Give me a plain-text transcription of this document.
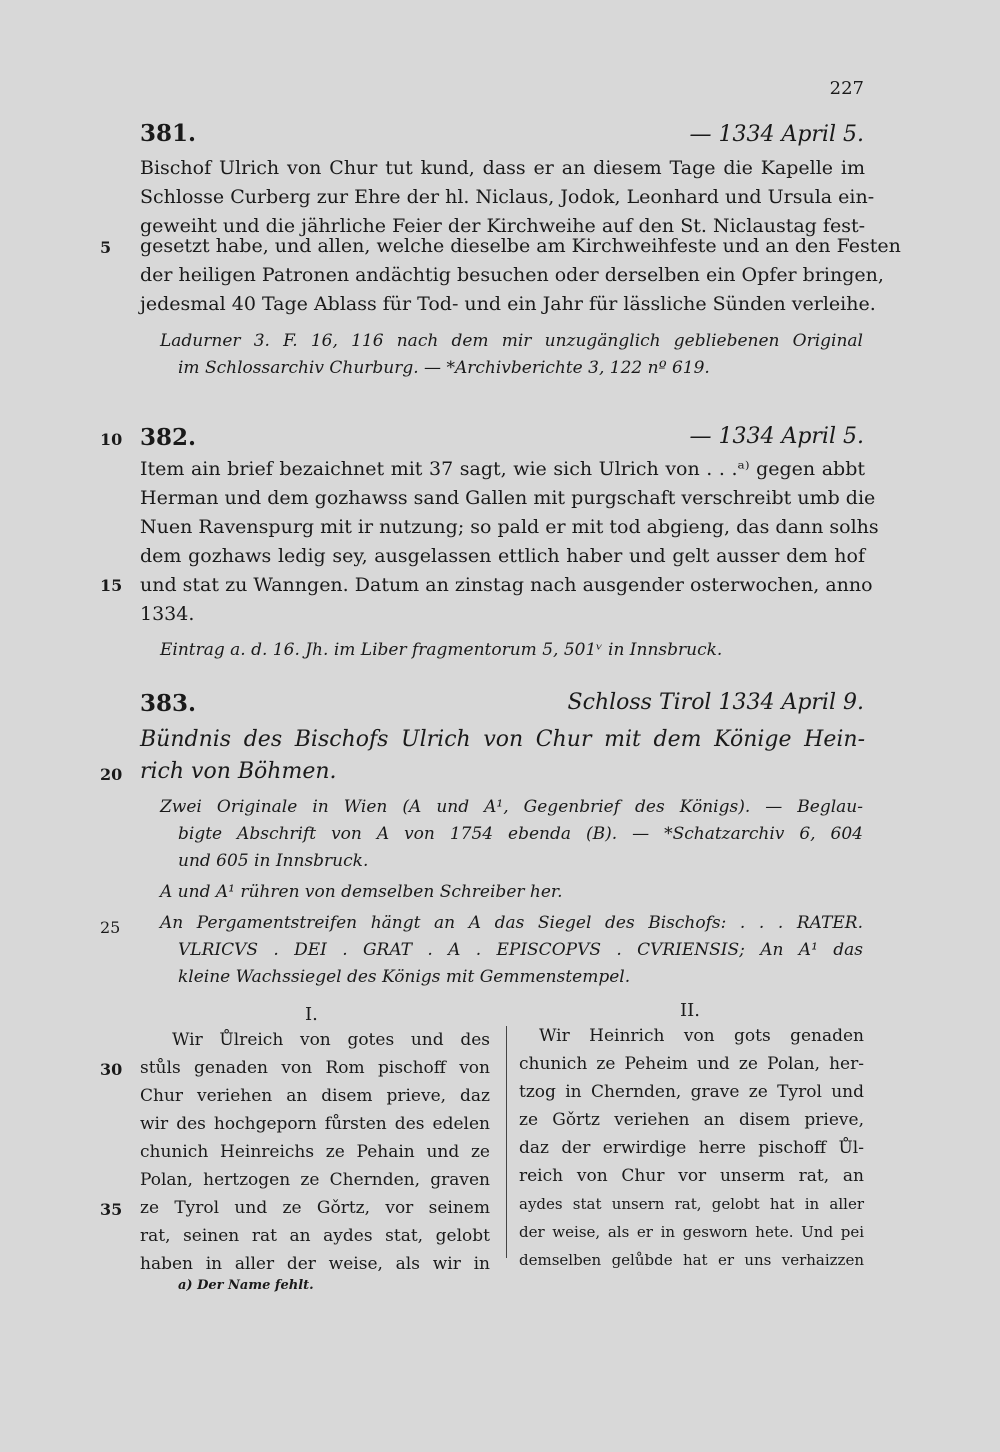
227
381.	— 1334 April 5.
Bischof Ulrich von Chur tut kund, dass er an diesem Tage die Kapelle im
Schlosse Curberg zur Ehre der hl. Niclaus, Jodok, Leonhard und Ursula ein-
geweiht und die jährliche Feier der Kirchweihe auf den St. Niclaustag fest-
5	gesetzt habe, und allen, welche dieselbe am Kirchweihfeste und an den Festen
der heiligen Patronen andächtig besuchen oder derselben ein Opfer bringen,
jedesmal 40 Tage Ablass für Tod- und ein Jahr für lässliche Sünden verleihe.
Ladurner 3. F. 16, 116 nach dem mir unzugänglich gebliebenen Original
im Schlossarchiv Churburg. — *Archivberichte 3, 122 nº 619.
10 382.	— 1334 April 5.
Item ain brief bezaichnet mit 37 sagt, wie sich Ulrich von . . .ᵃ⁾ gegen abbt
Herman und dem gozhawss sand Gallen mit purgschaft verschreibt umb die
Nuen Ravenspurg mit ir nutzung; so pald er mit tod abgieng, das dann solhs
dem gozhaws ledig sey, ausgelassen ettlich haber und gelt ausser dem hof
15 und stat zu Wanngen. Datum an zinstag nach ausgender osterwochen, anno
1334.
Eintrag a. d. 16. Jh. im Liber fragmentorum 5, 501ᵛ in Innsbruck.
383.	Schloss Tirol 1334 April 9.
Bündnis des Bischofs Ulrich von Chur mit dem Könige Hein-
20 rich von Böhmen.
Zwei Originale in Wien (A und A¹, Gegenbrief des Königs). — Beglau-
bigte Abschrift von A von 1754 ebenda (B). — *Schatzarchiv 6, 604
und 605 in Innsbruck.
A und A¹ rühren von demselben Schreiber her.
25	An Pergamentstreifen hängt an A das Siegel des Bischofs: . . . RATER.
VLRICVS . DEI . GRAT . A . EPISCOPVS . CVRIENSIS; An A¹ das
kleine Wachssiegel des Königs mit Gemmenstempel.
I.	II.
Wir Ůlreich von gotes und des
30	stůls genaden von Rom pischoff von
Chur veriehen an disem prieve, daz
wir des hochgeporn fůrsten des edelen
chunich Heinreichs ze Pehain und ze
Polan, hertzogen ze Chernden, graven
35	ze Tyrol und ze Gǒrtz, vor seinem
rat, seinen rat an aydes stat, gelobt
haben in aller der weise, als wir in
Wir Heinrich von gots genaden
chunich ze Peheim und ze Polan, her-
tzog in Chernden, grave ze Tyrol und
ze Gǒrtz veriehen an disem prieve,
daz der erwirdige herre pischoff Ůl-
reich von Chur vor unserm rat, an
aydes stat unsern rat, gelobt hat in aller
der weise, als er in gesworn hete. Und pei
demselben gelůbde hat er uns verhaizzen
a) Der Name fehlt.
